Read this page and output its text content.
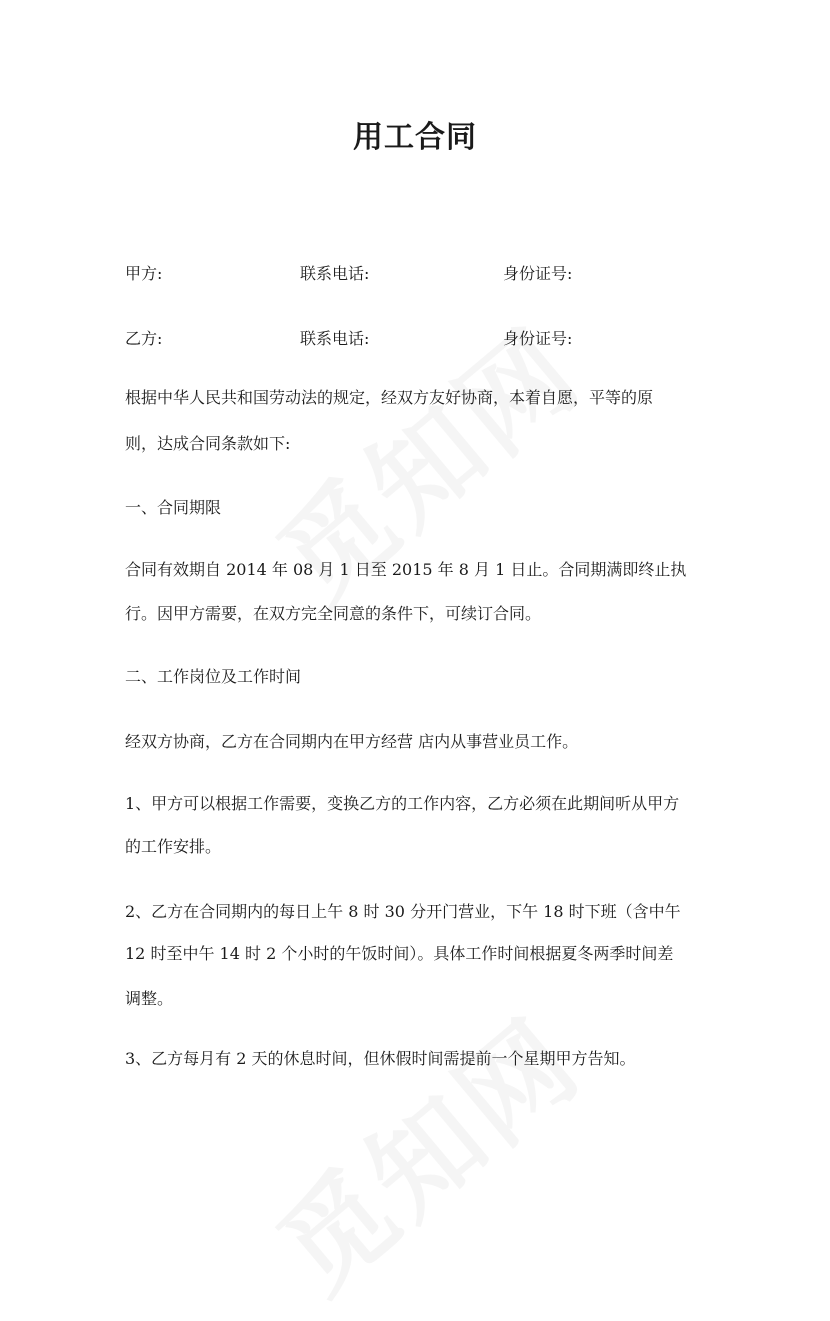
用工合同
甲方:	联系电话:	身份证号:
乙方:	联系电话:	身份证号:
根据中华人民共和国劳动法的规定，经双方友好协商，本着自愿，平等的原
则，达成合同条款如下:
一、合同期限
合同有效期自 2014 年 08 月 1 日至 2015 年 8 月 1 日止。合同期满即终止执
行。因甲方需要，在双方完全同意的条件下，可续订合同。
二、工作岗位及工作时间
经双方协商，乙方在合同期内在甲方经营 店内从事营业员工作。
1、甲方可以根据工作需要，变换乙方的工作内容，乙方必须在此期间听从甲方
的工作安排。
2、乙方在合同期内的每日上午 8 时 30 分开门营业，下午 18 时下班（含中午
12 时至中午 14 时 2 个小时的午饭时间）。具体工作时间根据夏冬两季时间差
调整。
3、乙方每月有 2 天的休息时间，但休假时间需提前一个星期甲方告知。
